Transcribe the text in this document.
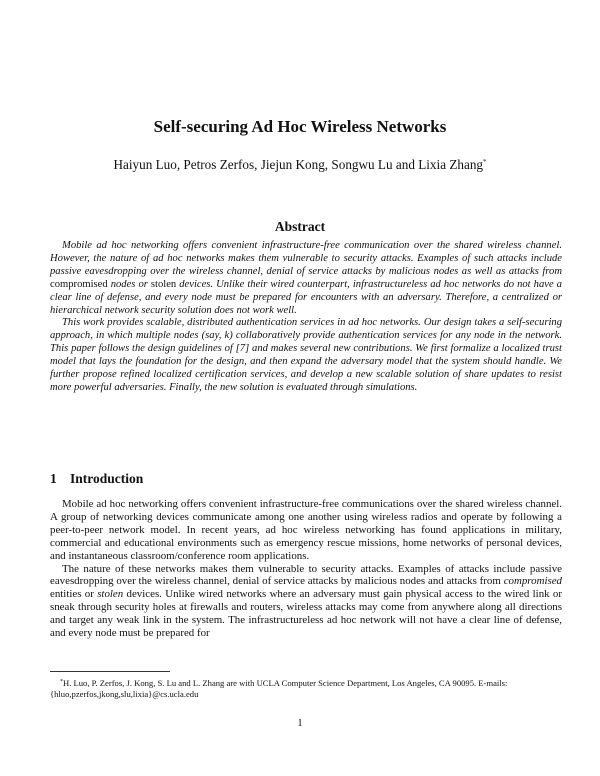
Self-securing Ad Hoc Wireless Networks
Haiyun Luo, Petros Zerfos, Jiejun Kong, Songwu Lu and Lixia Zhang*
Abstract

Mobile ad hoc networking offers convenient infrastructure-free communication over the shared wireless channel. However, the nature of ad hoc networks makes them vulnerable to security attacks. Examples of such attacks include passive eavesdropping over the wireless channel, denial of service attacks by malicious nodes as well as attacks from compromised nodes or stolen devices. Unlike their wired counterpart, infrastructureless ad hoc networks do not have a clear line of defense, and every node must be prepared for encounters with an adversary. Therefore, a centralized or hierarchical network security solution does not work well.

This work provides scalable, distributed authentication services in ad hoc networks. Our design takes a self-securing approach, in which multiple nodes (say, k) collaboratively provide authentication services for any node in the network. This paper follows the design guidelines of [7] and makes several new contributions. We first formalize a localized trust model that lays the foundation for the design, and then expand the adversary model that the system should handle. We further propose refined localized certification services, and develop a new scalable solution of share updates to resist more powerful adversaries. Finally, the new solution is evaluated through simulations.

1 Introduction

Mobile ad hoc networking offers convenient infrastructure-free communications over the shared wireless channel. A group of networking devices communicate among one another using wireless radios and operate by following a peer-to-peer network model. In recent years, ad hoc wireless networking has found applications in military, commercial and educational environments such as emergency rescue missions, home networks of personal devices, and instantaneous classroom/conference room applications.

The nature of these networks makes them vulnerable to security attacks. Examples of attacks include passive eavesdropping over the wireless channel, denial of service attacks by malicious nodes and attacks from compromised entities or stolen devices. Unlike wired networks where an adversary must gain physical access to the wired link or sneak through security holes at firewalls and routers, wireless attacks may come from anywhere along all directions and target any weak link in the system. The infrastructureless ad hoc network will not have a clear line of defense, and every node must be prepared for

*H. Luo, P. Zerfos, J. Kong, S. Lu and L. Zhang are with UCLA Computer Science Department, Los Angeles, CA 90095. E-mails: {hluo,pzerfos,jkong,slu,lixia}@cs.ucla.edu
1
